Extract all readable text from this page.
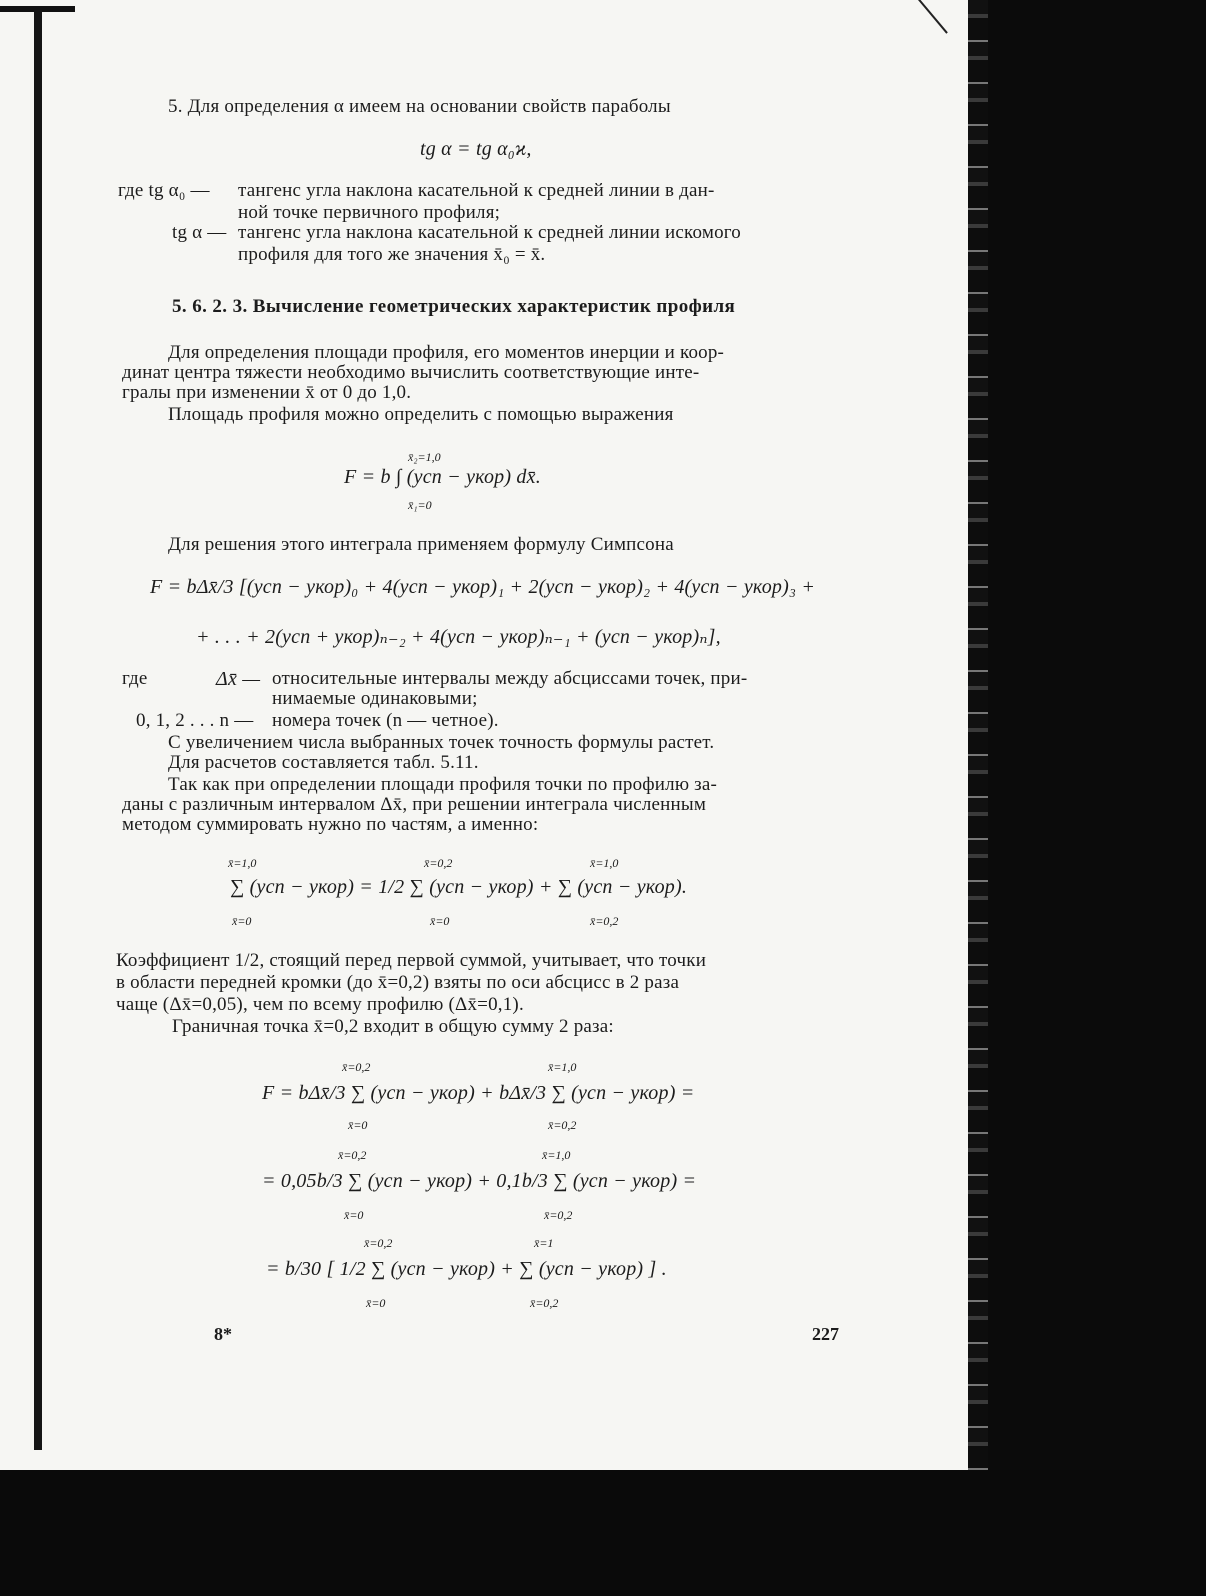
5. Для определения α имеем на основании свойств параболы
tg α = tg α₀ϰ,
где tg α₀ — тангенс угла наклона касательной к средней линии в дан-
ной точке первичного профиля;
tg α — тангенс угла наклона касательной к средней линии искомого
профиля для того же значения x̄₀ = x̄.
5. 6. 2. 3. Вычисление геометрических характеристик профиля
Для определения площади профиля, его моментов инерции и коор-
динат центра тяжести необходимо вычислить соответствующие инте-
гралы при изменении x̄ от 0 до 1,0.
Площадь профиля можно определить с помощью выражения
x̄₂=1,0
F = b ∫ (yсп − yкор) dx̄.
x̄₁=0
Для решения этого интеграла применяем формулу Симпсона
F = bΔx̄/3 [(yсп − yкор)₀ + 4(yсп − yкор)₁ + 2(yсп − yкор)₂ + 4(yсп − yкор)₃ +
+ . . . + 2(yсп + yкор)ₙ₋₂ + 4(yсп − yкор)ₙ₋₁ + (yсп − yкор)ₙ],
где	Δx̄ — относительные интервалы между абсциссами точек, при-
нимаемые одинаковыми;
0, 1, 2 . . . n — номера точек (n — четное).
С увеличением числа выбранных точек точность формулы растет.
Для расчетов составляется табл. 5.11.
Так как при определении площади профиля точки по профилю за-
даны с различным интервалом Δx̄, при решении интеграла численным
методом суммировать нужно по частям, а именно:
x̄=1,0	x̄=0,2	x̄=1,0
∑ (yсп − yкор) = 1/2 ∑ (yсп − yкор) + ∑ (yсп − yкор).
x̄=0	x̄=0	x̄=0,2
Коэффициент 1/2, стоящий перед первой суммой, учитывает, что точки
в области передней кромки (до x̄=0,2) взяты по оси абсцисс в 2 раза
чаще (Δx̄=0,05), чем по всему профилю (Δx̄=0,1).
Граничная точка x̄=0,2 входит в общую сумму 2 раза:
x̄=0,2	x̄=1,0
F = bΔx̄/3 ∑ (yсп − yкор) + bΔx̄/3 ∑ (yсп − yкор) =
x̄=0	x̄=0,2
x̄=0,2	x̄=1,0
= 0,05b/3 ∑ (yсп − yкор) + 0,1b/3 ∑ (yсп − yкор) =
x̄=0	x̄=0,2
x̄=0,2	x̄=1
= b/30 [ 1/2 ∑ (yсп − yкор) + ∑ (yсп − yкор) ] .
x̄=0	x̄=0,2
8*	227
